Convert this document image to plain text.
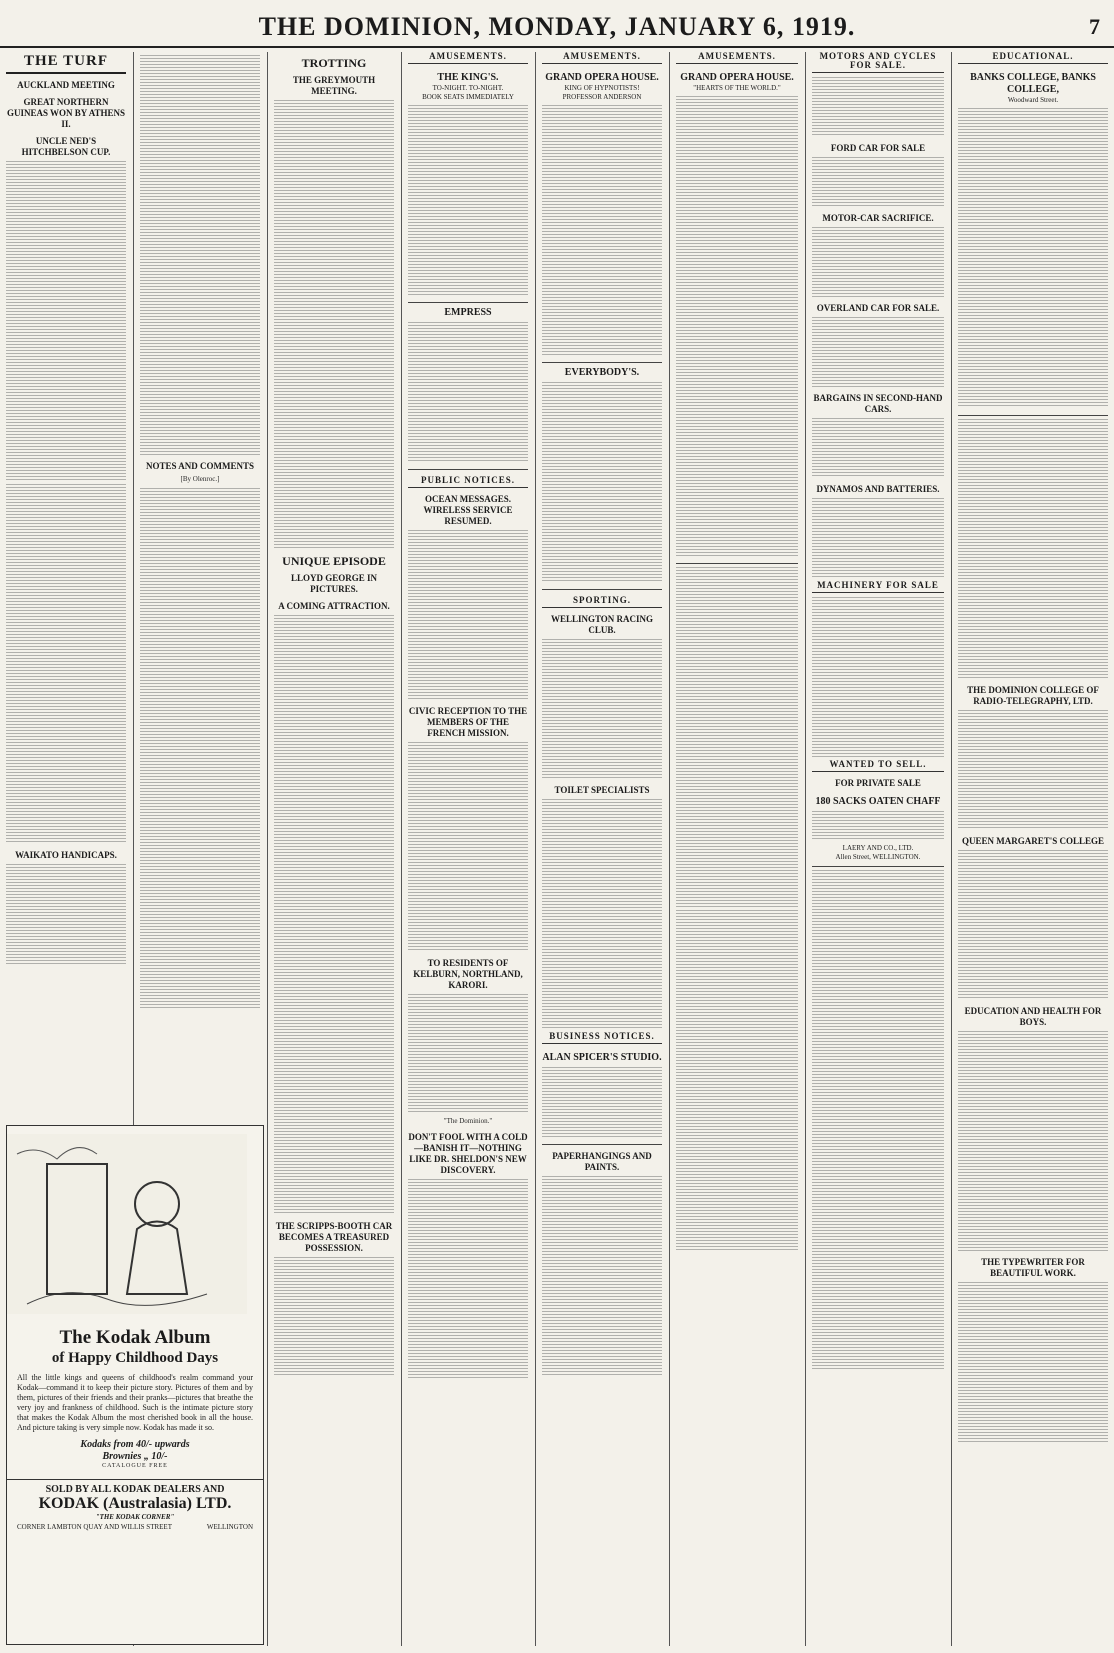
THE DOMINION, MONDAY, JANUARY 6, 1919.	7
THE TURF
AUCKLAND MEETING
GREAT NORTHERN GUINEAS WON BY ATHENS II.
UNCLE NED'S HITCHBELSON CUP.
WAIKATO HANDICAPS.
NOTES AND COMMENTS
[By Olenroc.]
The Kodak Album
of Happy Childhood Days
All the little kings and queens of childhood's realm command your Kodak—command it to keep their picture story. Pictures of them and by them, pictures of their friends and their pranks—pictures that breathe the very joy and frankness of childhood. Such is the intimate picture story that makes the Kodak Album the most cherished book in all the house. And picture taking is very simple now. Kodak has made it so.
Kodaks from 40/- upwards
Brownies „ 10/-
CATALOGUE FREE
SOLD BY ALL KODAK DEALERS AND
KODAK (Australasia) LTD.
"THE KODAK CORNER"
CORNER LAMBTON QUAY AND WILLIS STREET	WELLINGTON
TROTTING
THE GREYMOUTH MEETING.
UNIQUE EPISODE
LLOYD GEORGE IN PICTURES.
A COMING ATTRACTION.
THE SCRIPPS-BOOTH CAR BECOMES A TREASURED POSSESSION.
AMUSEMENTS.
THE KING'S.
TO-NIGHT. TO-NIGHT.
BOOK SEATS IMMEDIATELY
EMPRESS
PUBLIC NOTICES.
OCEAN MESSAGES. WIRELESS SERVICE RESUMED.
CIVIC RECEPTION TO THE MEMBERS OF THE FRENCH MISSION.
TO RESIDENTS OF KELBURN, NORTHLAND, KARORI.
"The Dominion."
DON'T FOOL WITH A COLD—BANISH IT—NOTHING LIKE DR. SHELDON'S NEW DISCOVERY.
AMUSEMENTS.
GRAND OPERA HOUSE.
KING OF HYPNOTISTS!
PROFESSOR ANDERSON
EVERYBODY'S.
SPORTING.
WELLINGTON RACING CLUB.
TOILET SPECIALISTS
BUSINESS NOTICES.
ALAN SPICER'S STUDIO.
PAPERHANGINGS AND PAINTS.
AMUSEMENTS.
GRAND OPERA HOUSE.
"HEARTS OF THE WORLD."
MOTORS AND CYCLES FOR SALE.
FORD CAR FOR SALE
MOTOR-CAR SACRIFICE.
OVERLAND CAR FOR SALE.
BARGAINS IN SECOND-HAND CARS.
DYNAMOS AND BATTERIES.
MACHINERY FOR SALE
WANTED TO SELL.
FOR PRIVATE SALE
180 SACKS OATEN CHAFF
LAERY AND CO., LTD.
Allen Street, WELLINGTON.
EDUCATIONAL.
BANKS COLLEGE, BANKS COLLEGE,
Woodward Street.
THE DOMINION COLLEGE OF RADIO-TELEGRAPHY, LTD.
QUEEN MARGARET'S COLLEGE
EDUCATION AND HEALTH FOR BOYS.
THE TYPEWRITER FOR BEAUTIFUL WORK.
